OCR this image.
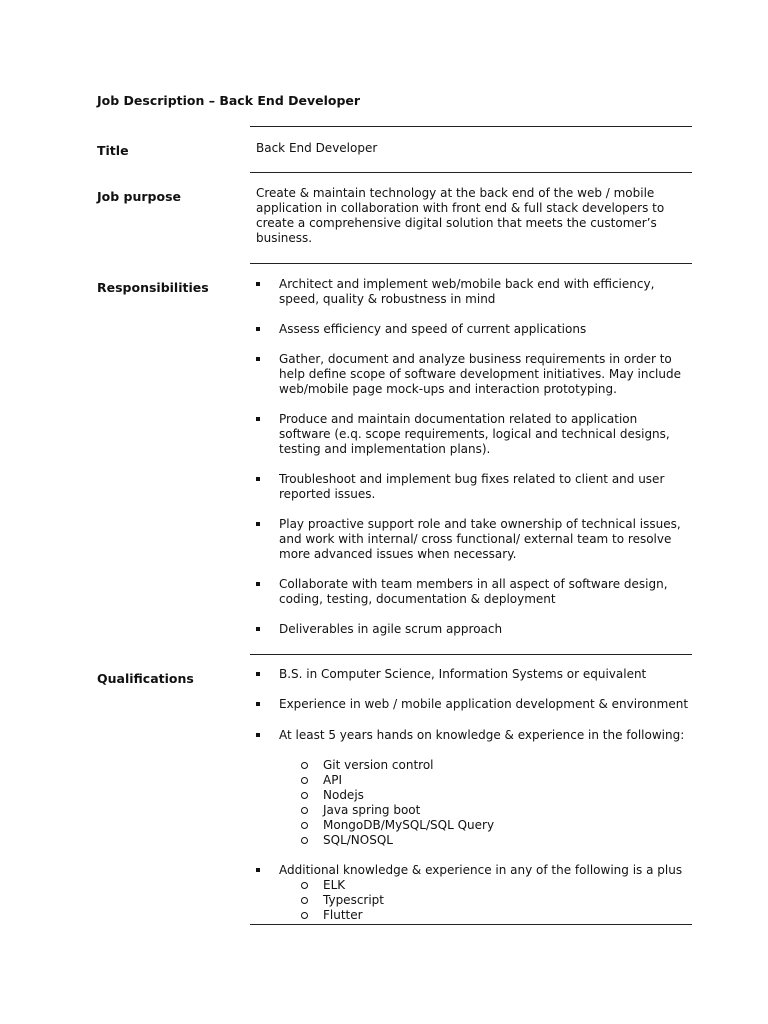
Job Description – Back End Developer
Title	Back End Developer
Job purpose	Create & maintain technology at the back end of the web / mobile application in collaboration with front end & full stack developers to create a comprehensive digital solution that meets the customer’s business.
Responsibilities	Architect and implement web/mobile back end with efficiency, speed, quality & robustness in mind
Assess efficiency and speed of current applications
Gather, document and analyze business requirements in order to help define scope of software development initiatives. May include web/mobile page mock-ups and interaction prototyping.
Produce and maintain documentation related to application software (e.q. scope requirements, logical and technical designs, testing and implementation plans).
Troubleshoot and implement bug fixes related to client and user reported issues.
Play proactive support role and take ownership of technical issues, and work with internal/ cross functional/ external team to resolve more advanced issues when necessary.
Collaborate with team members in all aspect of software design, coding, testing, documentation & deployment
Deliverables in agile scrum approach
Qualifications	B.S. in Computer Science, Information Systems or equivalent
Experience in web / mobile application development & environment
At least 5 years hands on knowledge & experience in the following:
Git version control
API
Nodejs
Java spring boot
MongoDB/MySQL/SQL Query
SQL/NOSQL
Additional knowledge & experience in any of the following is a plus
ELK
Typescript
Flutter
